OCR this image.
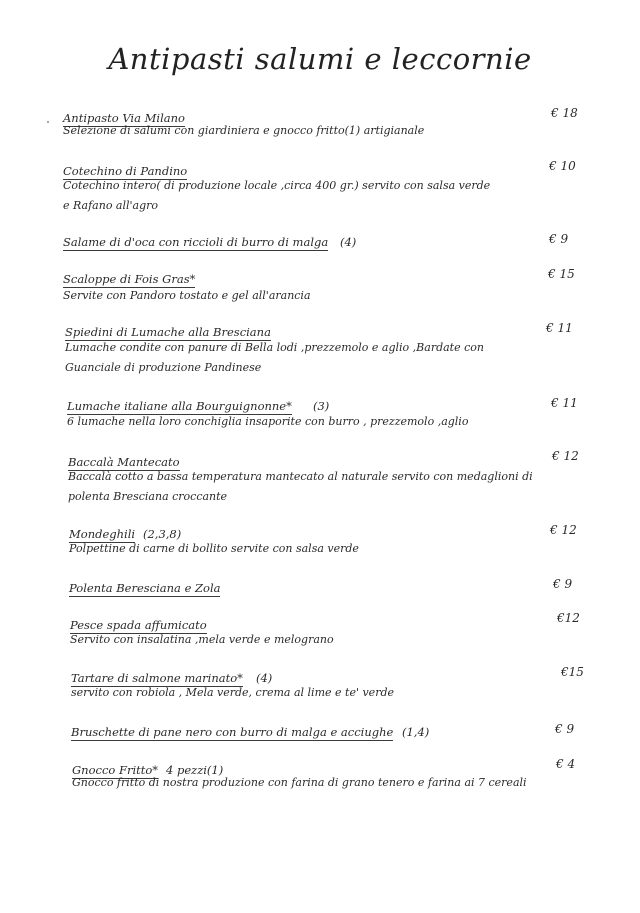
Antipasti salumi e leccornie
Antipasto Via Milano	€ 18
Selezione di salumi con giardiniera e gnocco fritto(1) artigianale
Cotechino di Pandino	€ 10
Cotechino intero( di produzione locale ,circa 400 gr.) servito con salsa verde
e Rafano all'agro
Salame di d'oca con riccioli di burro di malga (4)	€ 9
Scaloppe di Fois Gras*	€ 15
Servite con Pandoro tostato e gel all'arancia
Spiedini di Lumache alla Bresciana	€ 11
Lumache condite con panure di Bella lodi ,prezzemolo e aglio ,Bardate con
Guanciale di produzione Pandinese
Lumache italiane alla Bourguignonne* (3)	€ 11
6 lumache nella loro conchiglia insaporite con burro , prezzemolo ,aglio
Baccalà Mantecato	€ 12
Baccalà cotto a bassa temperatura mantecato al naturale servito con medaglioni di
polenta Bresciana croccante
Mondeghili (2,3,8)	€ 12
Polpettine di carne di bollito servite con salsa verde
Polenta Beresciana e Zola	€ 9
Pesce spada affumicato	€12
Servito con insalatina ,mela verde e melograno
Tartare di salmone marinato* (4)	€15
servito con robiola , Mela verde, crema al lime e te' verde
Bruschette di pane nero con burro di malga e acciughe (1,4)	€ 9
Gnocco Fritto* 4 pezzi(1)	€ 4
Gnocco fritto di nostra produzione con farina di grano tenero e farina ai 7 cereali
